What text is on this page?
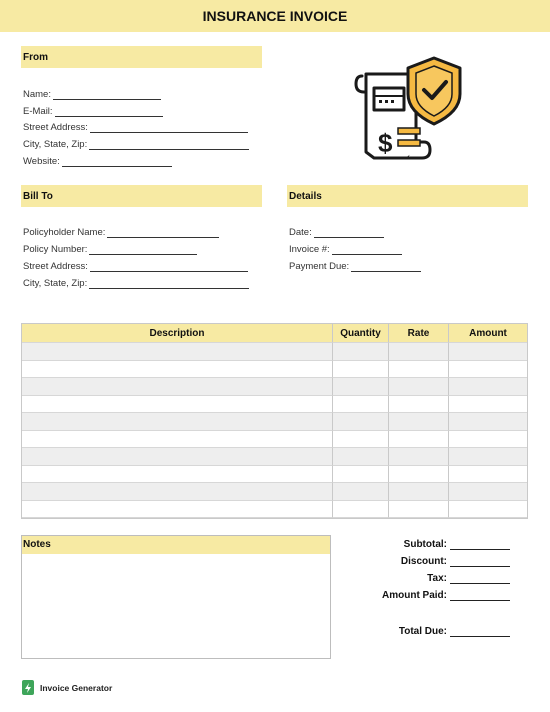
INSURANCE INVOICE
From
Name:
E-Mail:
Street Address:
City, State, Zip:
Website:
$
Bill To
Policyholder Name:
Policy Number:
Street Address:
City, State, Zip:
Details
Date:
Invoice #:
Payment Due:
Description	Quantity	Rate	Amount
Notes	Subtotal:
Discount:
Tax:
Amount Paid:
Total Due:
Invoice Generator
